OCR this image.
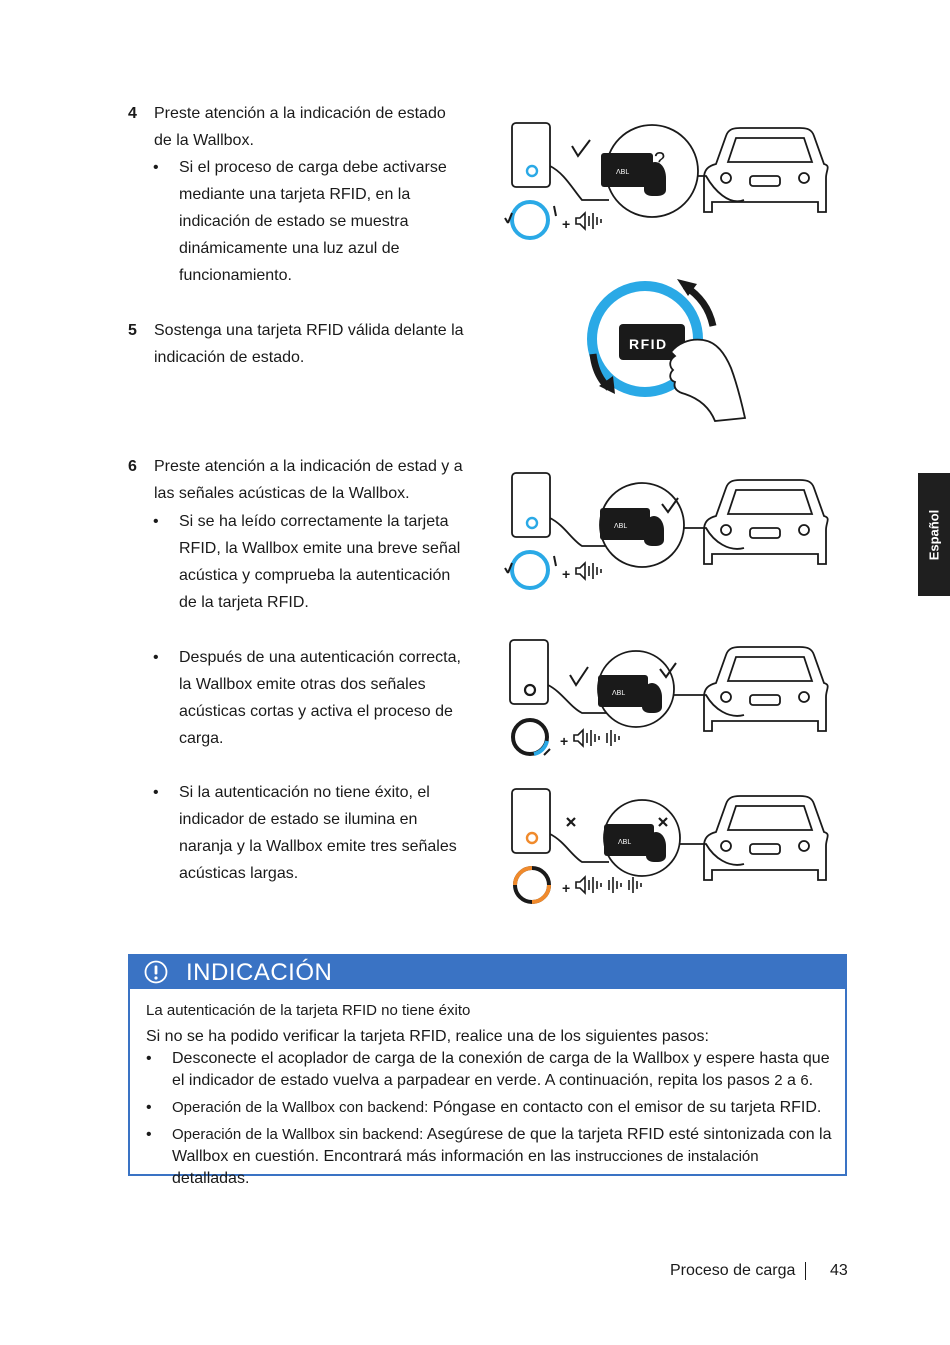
4 Preste atención a la indicación de estado de la Wallbox.
• Si el proceso de carga debe activarse mediante una tarjeta RFID, en la indicación de estado se muestra dinámicamente una luz azul de funcionamiento.
5 Sostenga una tarjeta RFID válida delante la indicación de estado.
6 Preste atención a la indicación de estad y a las señales acústicas de la Wallbox.
• Si se ha leído correctamente la tarjeta RFID, la Wallbox emite una breve señal acústica y comprueba la autenticación de la tarjeta RFID.
• Después de una autenticación correcta, la Wallbox emite otras dos señales acústicas cortas y activa el proceso de carga.
• Si la autenticación no tiene éxito, el indicador de estado se ilumina en naranja y la Wallbox emite tres señales acústicas largas.
Español
ΛBL
?
+
RFID
ΛBL
+
ΛBL
+
ΛBL
+
INDICACIÓN
La autenticación de la tarjeta RFID no tiene éxito
Si no se ha podido verificar la tarjeta RFID, realice una de los siguientes pasos:
• Desconecte el acoplador de carga de la conexión de carga de la Wallbox y espere hasta que el indicador de estado vuelva a parpadear en verde. A continuación, repita los pasos 2 a 6.
• Operación de la Wallbox con backend: Póngase en contacto con el emisor de su tarjeta RFID.
• Operación de la Wallbox sin backend: Asegúrese de que la tarjeta RFID esté sintonizada con la Wallbox en cuestión. Encontrará más información en las instrucciones de instalación detalladas.
Proceso de carga 43
